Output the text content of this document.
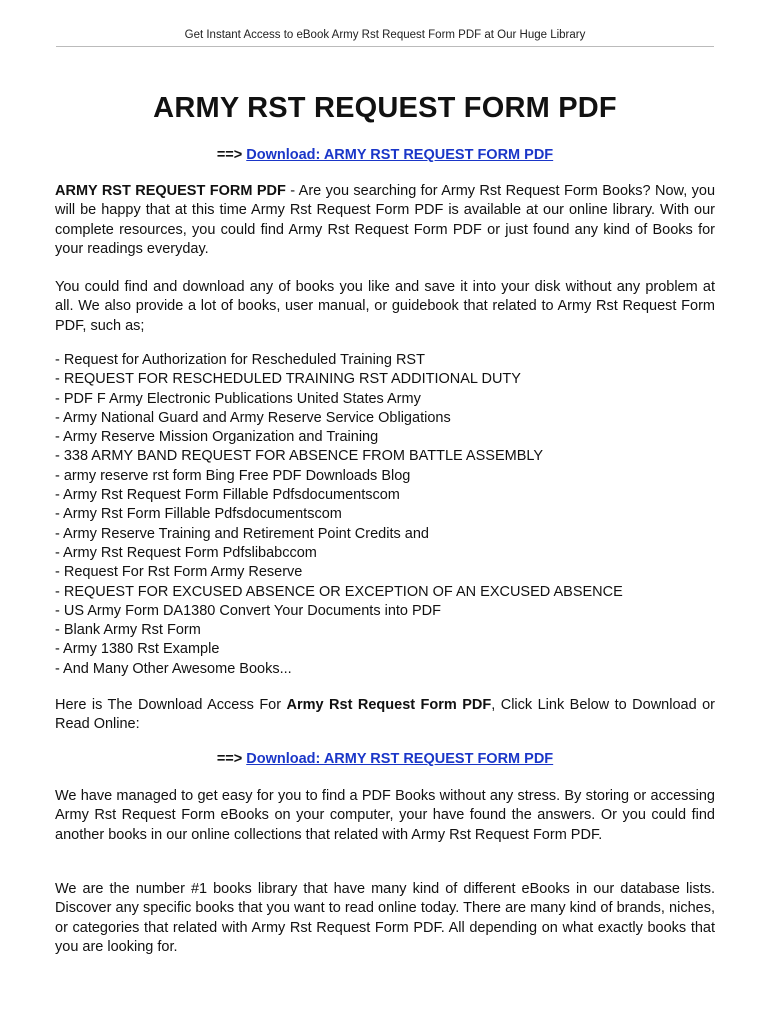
Get Instant Access to eBook Army Rst Request Form PDF at Our Huge Library
ARMY RST REQUEST FORM PDF
==> Download: ARMY RST REQUEST FORM PDF

ARMY RST REQUEST FORM PDF - Are you searching for Army Rst Request Form Books? Now, you will be happy that at this time Army Rst Request Form PDF is available at our online library. With our complete resources, you could find Army Rst Request Form PDF or just found any kind of Books for your readings everyday.

You could find and download any of books you like and save it into your disk without any problem at all. We also provide a lot of books, user manual, or guidebook that related to Army Rst Request Form PDF, such as;

- Request for Authorization for Rescheduled Training RST
- REQUEST FOR RESCHEDULED TRAINING RST ADDITIONAL DUTY
- PDF F Army Electronic Publications United States Army
- Army National Guard and Army Reserve Service Obligations
- Army Reserve Mission Organization and Training
- 338 ARMY BAND REQUEST FOR ABSENCE FROM BATTLE ASSEMBLY
- army reserve rst form Bing Free PDF Downloads Blog
- Army Rst Request Form Fillable Pdfsdocumentscom
- Army Rst Form Fillable Pdfsdocumentscom
- Army Reserve Training and Retirement Point Credits and
- Army Rst Request Form Pdfslibabccom
- Request For Rst Form Army Reserve
- REQUEST FOR EXCUSED ABSENCE OR EXCEPTION OF AN EXCUSED ABSENCE
- US Army Form DA1380 Convert Your Documents into PDF
- Blank Army Rst Form
- Army 1380 Rst Example
- And Many Other Awesome Books...

Here is The Download Access For Army Rst Request Form PDF, Click Link Below to Download or Read Online:

==> Download: ARMY RST REQUEST FORM PDF

We have managed to get easy for you to find a PDF Books without any stress. By storing or accessing Army Rst Request Form eBooks on your computer, your have found the answers. Or you could find another books in our online collections that related with Army Rst Request Form PDF.

We are the number #1 books library that have many kind of different eBooks in our database lists. Discover any specific books that you want to read online today. There are many kind of brands, niches, or categories that related with Army Rst Request Form PDF. All depending on what exactly books that you are looking for.
